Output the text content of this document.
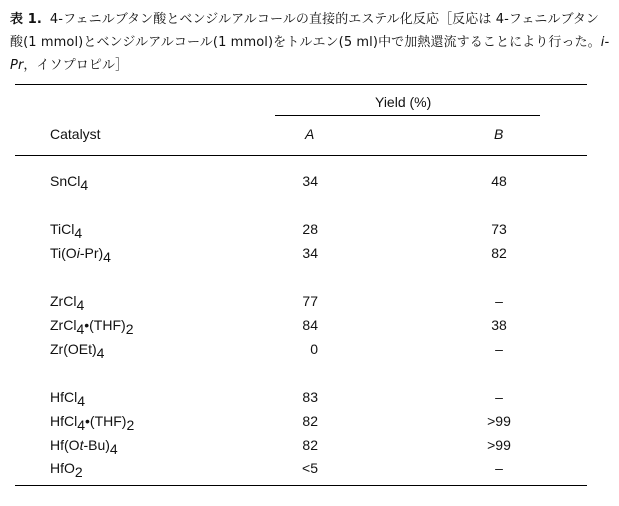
表 1. 4-フェニルブタン酸とベンジルアルコールの直接的エステル化反応［反応は 4-フェニルブタン酸(1 mmol)とベンジルアルコール(1 mmol)をトルエン(5 ml)中で加熱還流することにより行った。i-Pr，イソプロピル］
Yield (%)
Catalyst	A	B
SnCl$_4$	34	48
TiCl$_4$	28	73
$Ti(Oi-Pr)_4$	34	82
ZrCl$_4$	77	–
$ZrCl_4•(THF)_2$	84	38
$Zr(OEt)_4$	0	–
HfCl$_4$	83	–
$HfCl_4•(THF)_2$	82	>99
$Hf(Ot-Bu)_4$	82	>99
HfO$_2$	<5	–
